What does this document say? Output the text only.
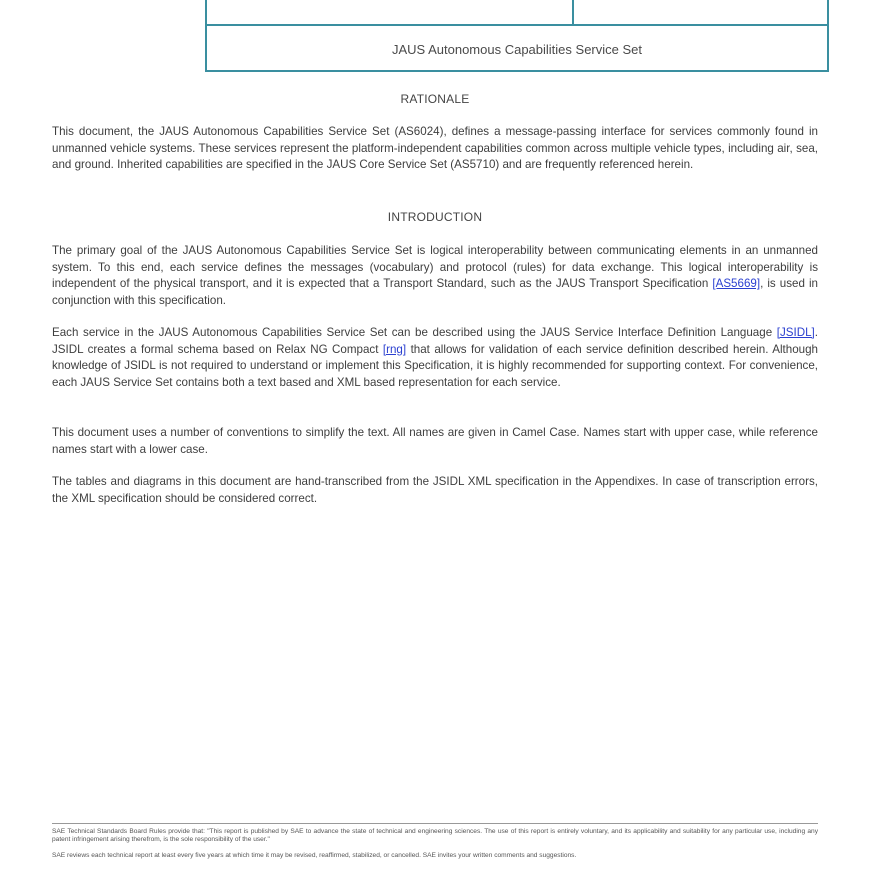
JAUS Autonomous Capabilities Service Set
RATIONALE

This document, the JAUS Autonomous Capabilities Service Set (AS6024), defines a message-passing interface for services commonly found in unmanned vehicle systems. These services represent the platform-independent capabilities common across multiple vehicle types, including air, sea, and ground. Inherited capabilities are specified in the JAUS Core Service Set (AS5710) and are frequently referenced herein.

INTRODUCTION

The primary goal of the JAUS Autonomous Capabilities Service Set is logical interoperability between communicating elements in an unmanned system. To this end, each service defines the messages (vocabulary) and protocol (rules) for data exchange. This logical interoperability is independent of the physical transport, and it is expected that a Transport Standard, such as the JAUS Transport Specification [AS5669], is used in conjunction with this specification.

Each service in the JAUS Autonomous Capabilities Service Set can be described using the JAUS Service Interface Definition Language [JSIDL]. JSIDL creates a formal schema based on Relax NG Compact [rng] that allows for validation of each service definition described herein. Although knowledge of JSIDL is not required to understand or implement this Specification, it is highly recommended for supporting context. For convenience, each JAUS Service Set contains both a text based and XML based representation for each service.

This document uses a number of conventions to simplify the text. All names are given in Camel Case. Names start with upper case, while reference names start with a lower case.

The tables and diagrams in this document are hand-transcribed from the JSIDL XML specification in the Appendixes. In case of transcription errors, the XML specification should be considered correct.

SAE Technical Standards Board Rules provide that: "This report is published by SAE to advance the state of technical and engineering sciences. The use of this report is entirely voluntary, and its applicability and suitability for any particular use, including any patent infringement arising therefrom, is the sole responsibility of the user."

SAE reviews each technical report at least every five years at which time it may be revised, reaffirmed, stabilized, or cancelled. SAE invites your written comments and suggestions.
